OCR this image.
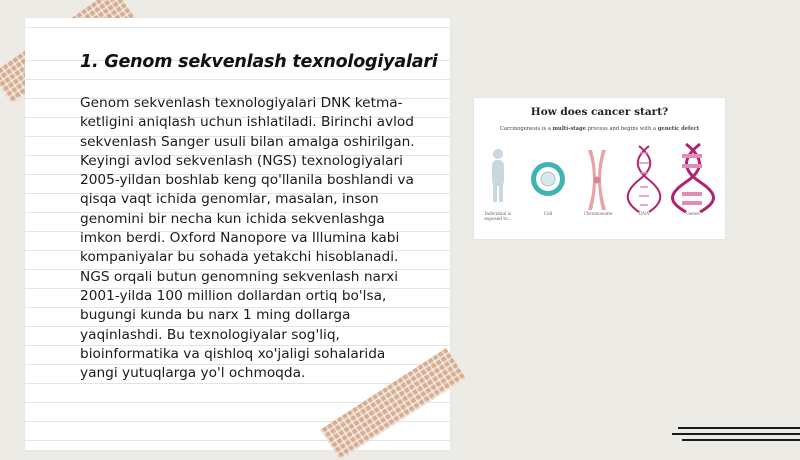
1. Genom sekvenlash texnologiyalari

Genom sekvenlash texnologiyalari DNK ketma-ketligini aniqlash uchun ishlatiladi. Birinchi avlod sekvenlash Sanger usuli bilan amalga oshirilgan. Keyingi avlod sekvenlash (NGS) texnologiyalari 2005-yildan boshlab keng qo'llanila boshlandi va qisqa vaqt ichida genomlar, masalan, inson genomini bir necha kun ichida sekvenlashga imkon berdi. Oxford Nanopore va Illumina kabi kompaniyalar bu sohada yetakchi hisoblanadi. NGS orqali butun genomning sekvenlash narxi 2001-yilda 100 million dollardan ortiq bo'lsa, bugungi kunda bu narx 1 ming dollarga yaqinlashdi. Bu texnologiyalar sog'liq, bioinformatika va qishloq xo'jaligi sohalarida yangi yutuqlarga yo'l ochmoqda.

How does cancer start?

Carcinogenesis is a multi-stage process and begins with a genetic defect

Individual is exposed to...
Cell	Chromosome	DNA	Genes
